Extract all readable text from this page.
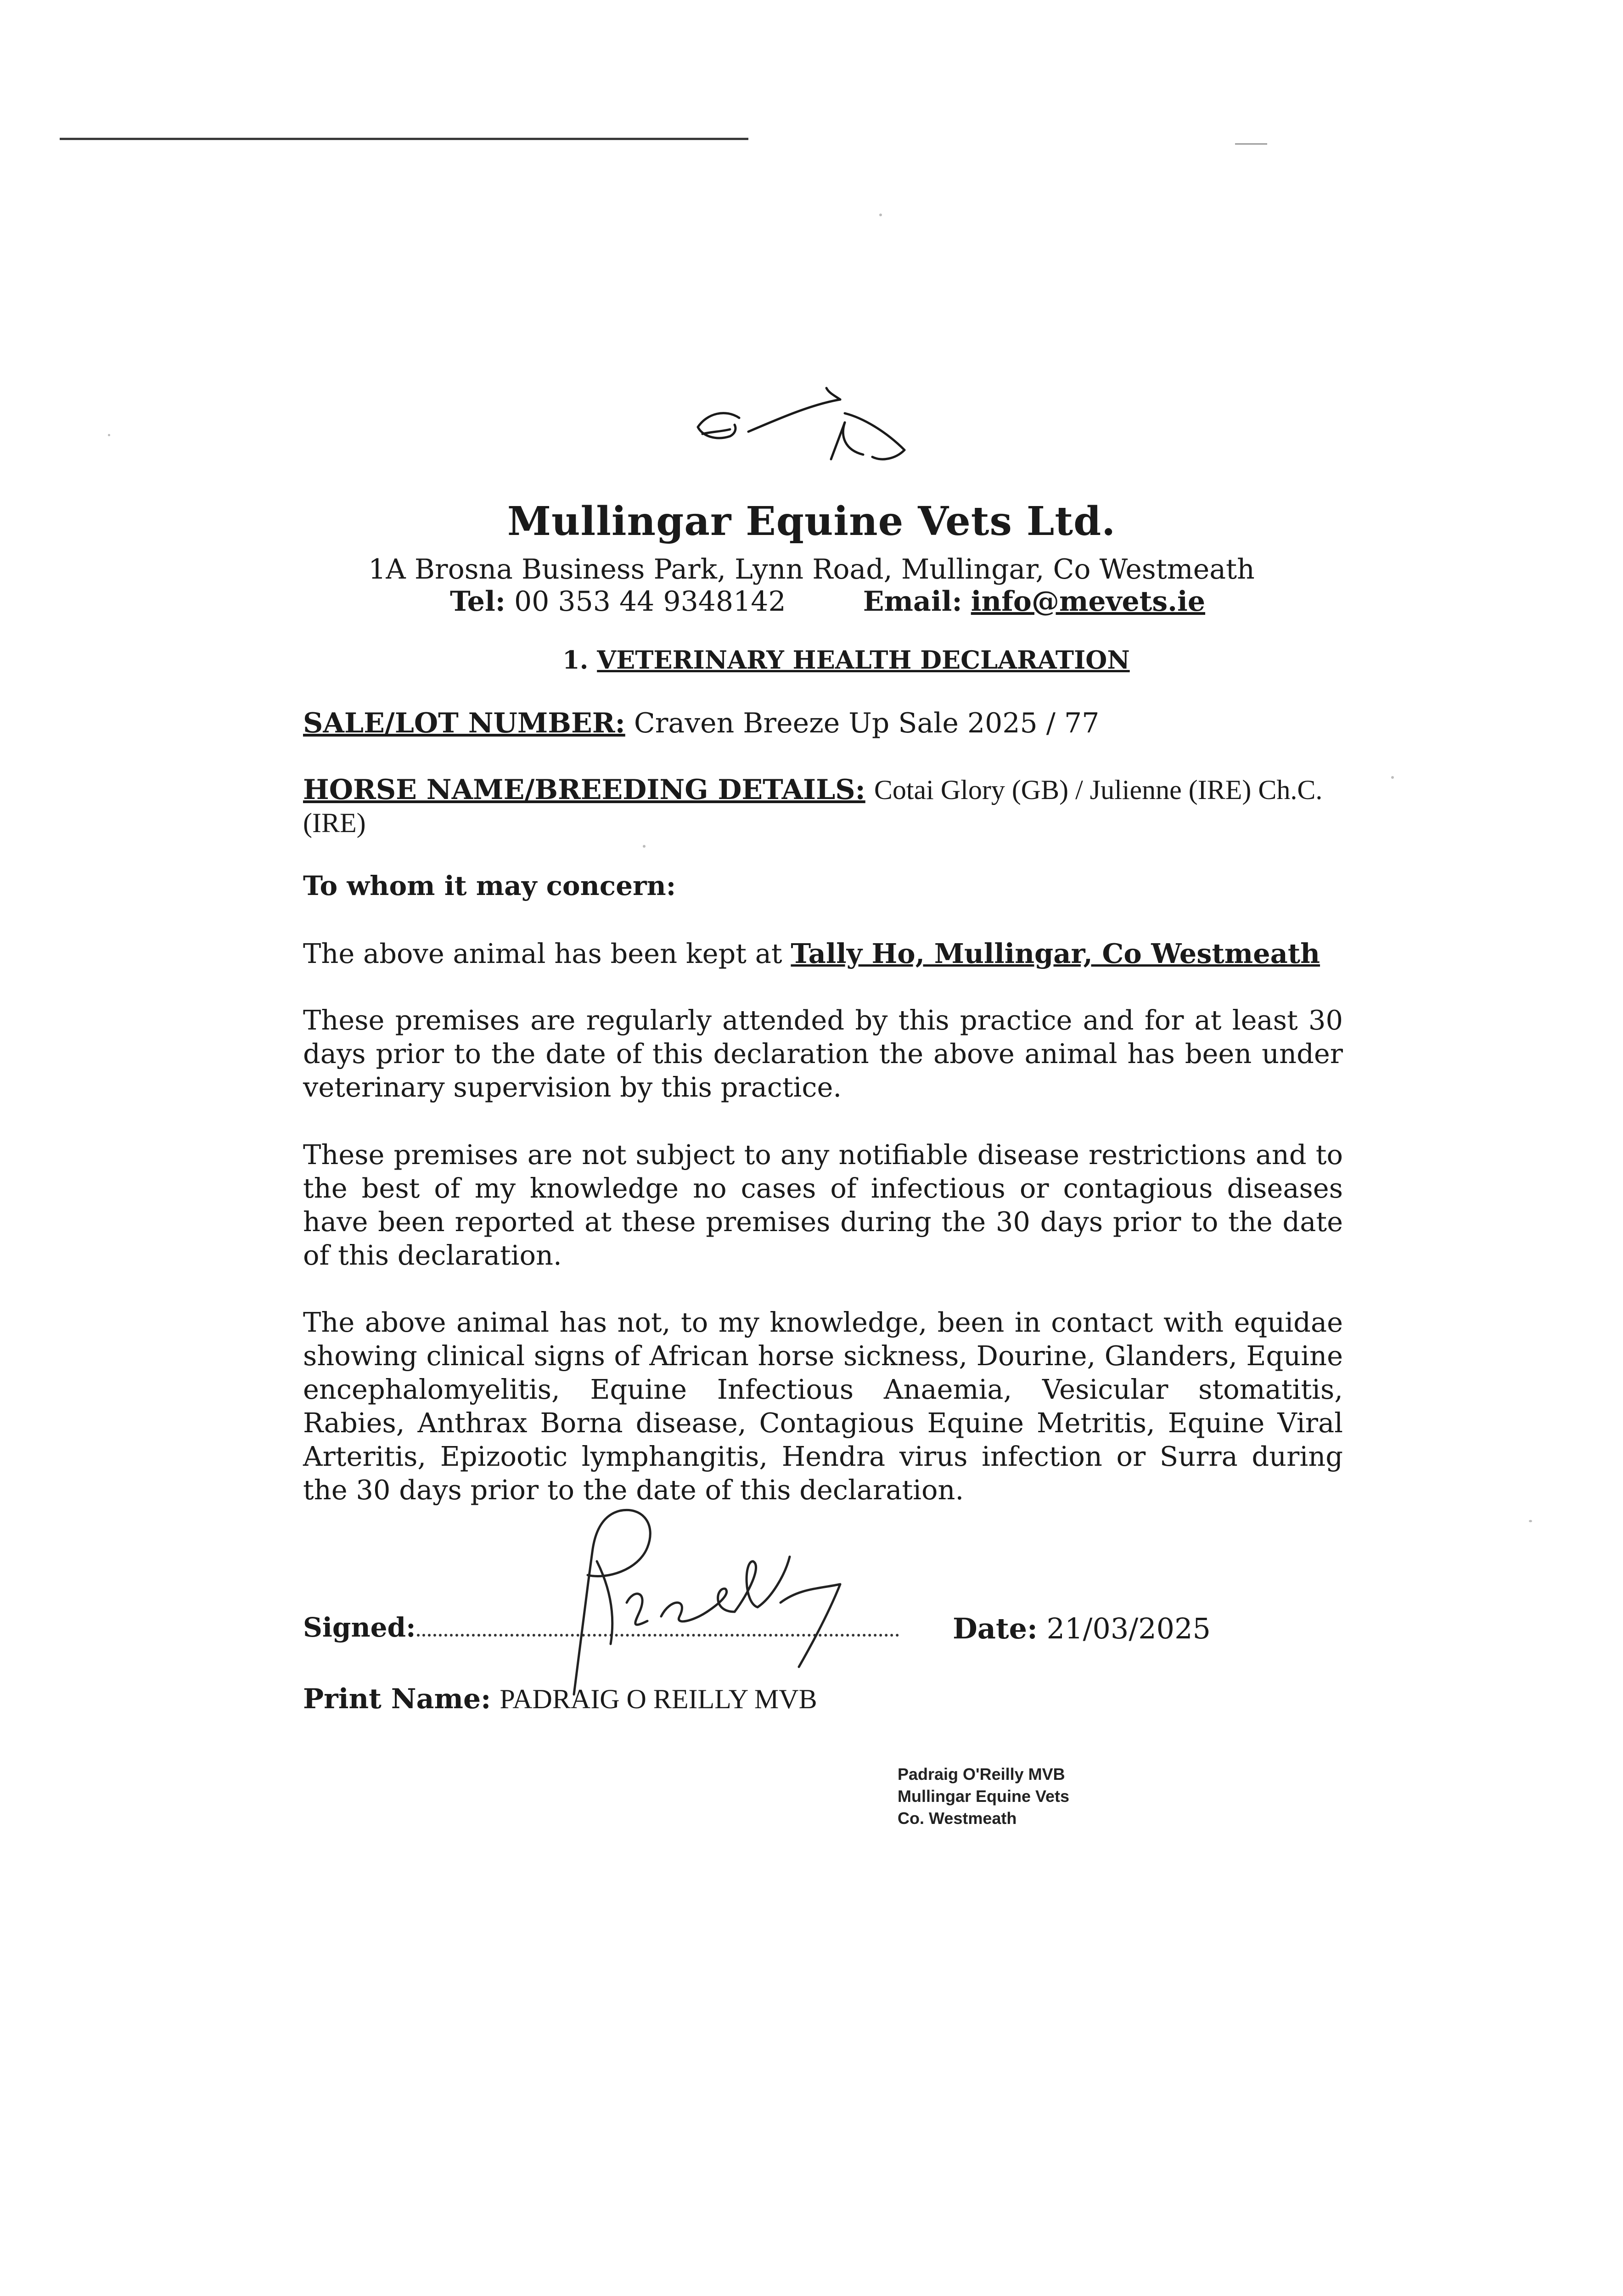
Mullingar Equine Vets Ltd.
1A Brosna Business Park, Lynn Road, Mullingar, Co Westmeath
Tel: 00 353 44 9348142	Email: info@mevets.ie
1. VETERINARY HEALTH DECLARATION
SALE/LOT NUMBER: Craven Breeze Up Sale 2025 / 77
HORSE NAME/BREEDING DETAILS: Cotai Glory (GB) / Julienne (IRE) Ch.C.
(IRE)
To whom it may concern:
The above animal has been kept at Tally Ho, Mullingar, Co Westmeath
These premises are regularly attended by this practice and for at least 30 days prior to the date of this declaration the above animal has been under veterinary supervision by this practice.
These premises are not subject to any notifiable disease restrictions and to the best of my knowledge no cases of infectious or contagious diseases have been reported at these premises during the 30 days prior to the date of this declaration.
The above animal has not, to my knowledge, been in contact with equidae showing clinical signs of African horse sickness, Dourine, Glanders, Equine encephalomyelitis, Equine Infectious Anaemia, Vesicular stomatitis, Rabies, Anthrax Borna disease, Contagious Equine Metritis, Equine Viral Arteritis, Epizootic lymphangitis, Hendra virus infection or Surra during the 30 days prior to the date of this declaration.
Signed:	Date: 21/03/2025
Print Name: PADRAIG O REILLY MVB
Padraig O'Reilly MVB
Mullingar Equine Vets
Co. Westmeath
